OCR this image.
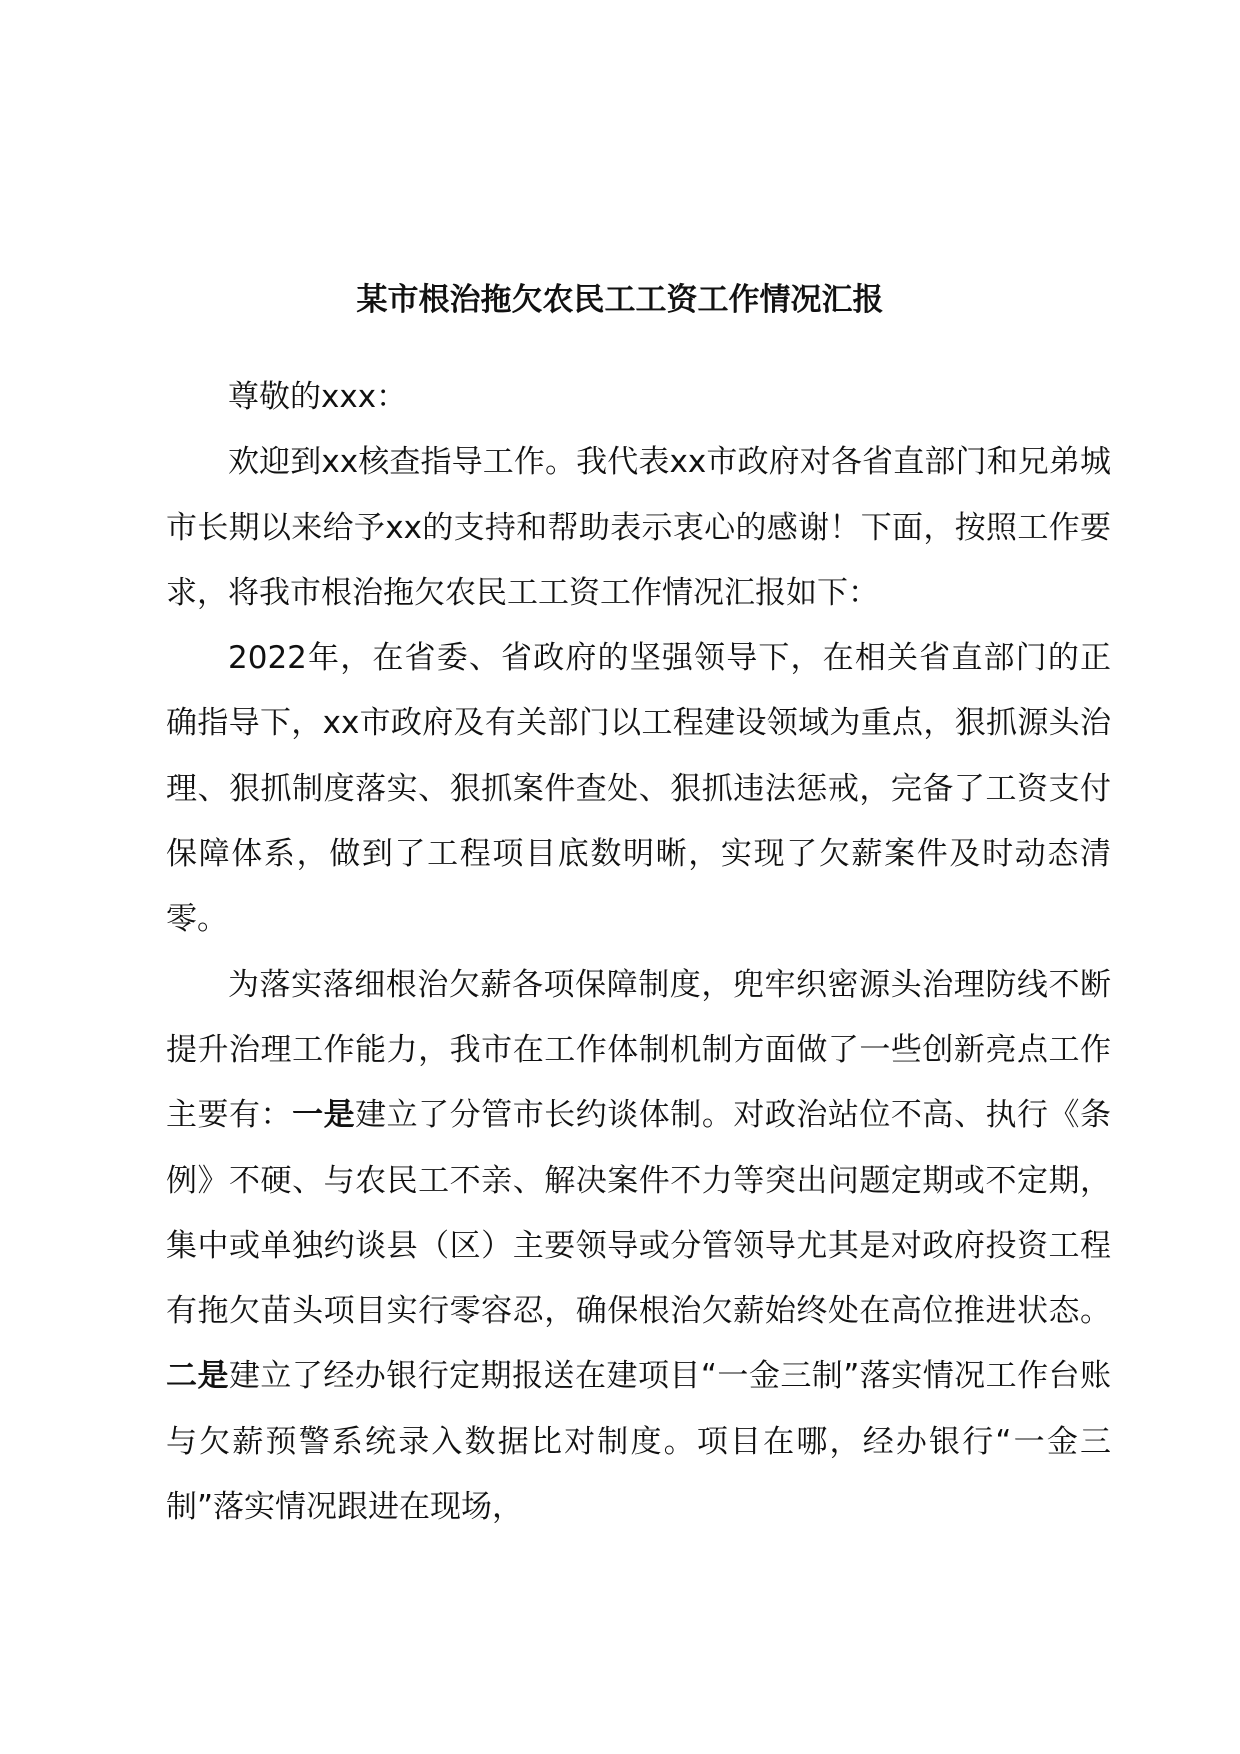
某市根治拖欠农民工工资工作情况汇报

尊敬的xxx：

欢迎到xx核查指导工作。我代表xx市政府对各省直部门和兄弟城市长期以来给予xx的支持和帮助表示衷心的感谢！下面，按照工作要求，将我市根治拖欠农民工工资工作情况汇报如下：

2022年，在省委、省政府的坚强领导下，在相关省直部门的正确指导下，xx市政府及有关部门以工程建设领域为重点，狠抓源头治理、狠抓制度落实、狠抓案件查处、狠抓违法惩戒，完备了工资支付保障体系，做到了工程项目底数明晰，实现了欠薪案件及时动态清零。

为落实落细根治欠薪各项保障制度，兜牢织密源头治理防线不断提升治理工作能力，我市在工作体制机制方面做了一些创新亮点工作主要有：一是建立了分管市长约谈体制。对政治站位不高、执行《条例》不硬、与农民工不亲、解决案件不力等突出问题定期或不定期，集中或单独约谈县（区）主要领导或分管领导尤其是对政府投资工程有拖欠苗头项目实行零容忍，确保根治欠薪始终处在高位推进状态。二是建立了经办银行定期报送在建项目“一金三制”落实情况工作台账与欠薪预警系统录入数据比对制度。项目在哪，经办银行“一金三制”落实情况跟进在现场，
